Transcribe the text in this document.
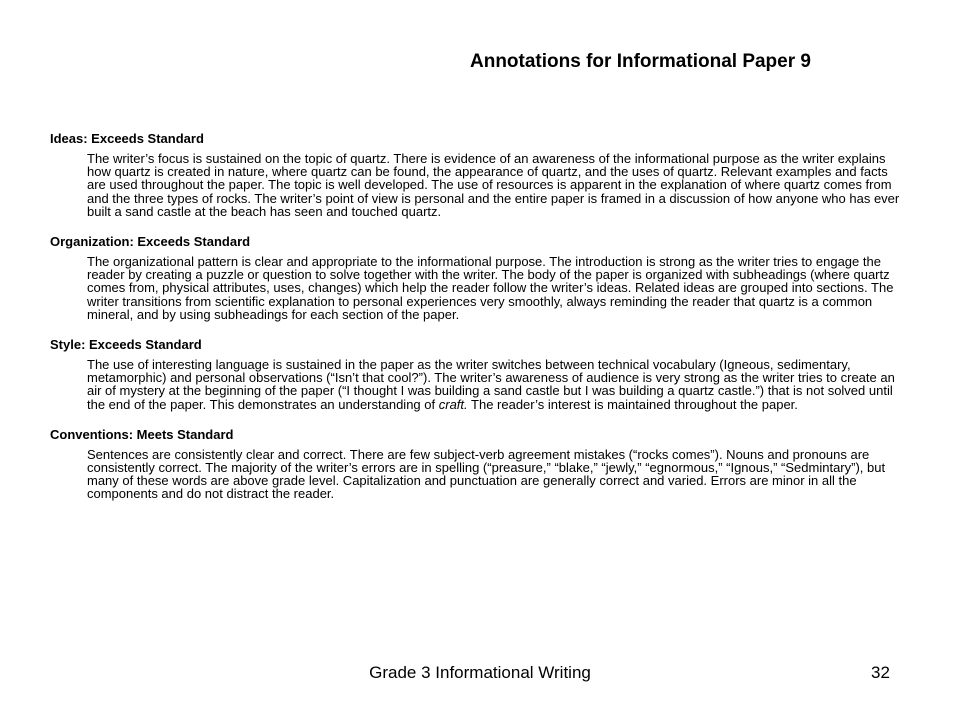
Annotations for Informational Paper 9
Ideas: Exceeds Standard
The writer’s focus is sustained on the topic of quartz. There is evidence of an awareness of the informational purpose as the writer explains how quartz is created in nature, where quartz can be found, the appearance of quartz, and the uses of quartz. Relevant examples and facts are used throughout the paper. The topic is well developed. The use of resources is apparent in the explanation of where quartz comes from and the three types of rocks. The writer’s point of view is personal and the entire paper is framed in a discussion of how anyone who has ever built a sand castle at the beach has seen and touched quartz.
Organization: Exceeds Standard
The organizational pattern is clear and appropriate to the informational purpose. The introduction is strong as the writer tries to engage the reader by creating a puzzle or question to solve together with the writer. The body of the paper is organized with subheadings (where quartz comes from, physical attributes, uses, changes) which help the reader follow the writer’s ideas. Related ideas are grouped into sections. The writer transitions from scientific explanation to personal experiences very smoothly, always reminding the reader that quartz is a common mineral, and by using subheadings for each section of the paper.
Style: Exceeds Standard
The use of interesting language is sustained in the paper as the writer switches between technical vocabulary (Igneous, sedimentary, metamorphic) and personal observations (“Isn’t that cool?”). The writer’s awareness of audience is very strong as the writer tries to create an air of mystery at the beginning of the paper (“I thought I was building a sand castle but I was building a quartz castle.”) that is not solved until the end of the paper. This demonstrates an understanding of craft. The reader’s interest is maintained throughout the paper.
Conventions: Meets Standard
Sentences are consistently clear and correct. There are few subject-verb agreement mistakes (“rocks comes”). Nouns and pronouns are consistently correct. The majority of the writer’s errors are in spelling (“preasure,” “blake,” “jewly,” “egnormous,” “Ignous,” “Sedmintary”), but many of these words are above grade level. Capitalization and punctuation are generally correct and varied. Errors are minor in all the components and do not distract the reader.
Grade 3 Informational Writing	32
